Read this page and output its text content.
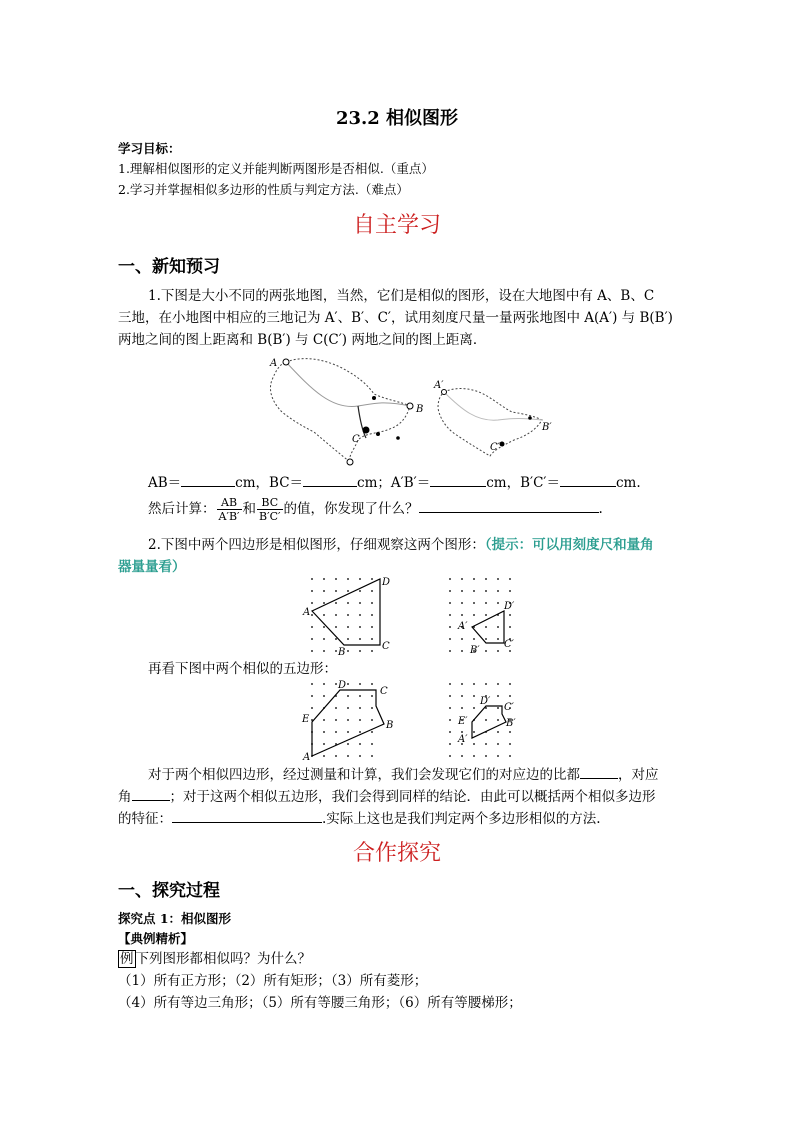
23.2 相似图形
学习目标：
1.理解相似图形的定义并能判断两图形是否相似.（重点）
2.学习并掌握相似多边形的性质与判定方法.（难点）
自主学习
一、新知预习
1.下图是大小不同的两张地图，当然，它们是相似的图形，设在大地图中有 A、B、C
三地，在小地图中相应的三地记为 A′、B′、C′，试用刻度尺量一量两张地图中 A(A′) 与 B(B′)
两地之间的图上距离和 B(B′) 与 C(C′) 两地之间的图上距离．
A
B
C
A′
B′
C′
AB＝	cm，BC＝	cm；A′B′＝	cm，B′C′＝	cm.
然后计算： $\frac{AB}{A'B'}$ 和 $\frac{BC}{B'C'}$ 的值，你发现了什么？	.
2.下图中两个四边形是相似图形，仔细观察这两个图形：（提示：可以用刻度尺和量角
器量量看）
A
B
C
D
A′
B′
C′
D′
再看下图中两个相似的五边形：
A
B
C
D
E
A′
B′
C′
D′
E′
对于两个相似四边形，经过测量和计算，我们会发现它们的对应边的比都	，对应
角	；对于这两个相似五边形，我们会得到同样的结论．由此可以概括两个相似多边形
的特征：	.实际上这也是我们判定两个多边形相似的方法.
合作探究
一、探究过程
探究点 1：相似图形
【典例精析】
例 下列图形都相似吗？为什么？
（1）所有正方形；（2）所有矩形；（3）所有菱形；
（4）所有等边三角形；（5）所有等腰三角形；（6）所有等腰梯形；
